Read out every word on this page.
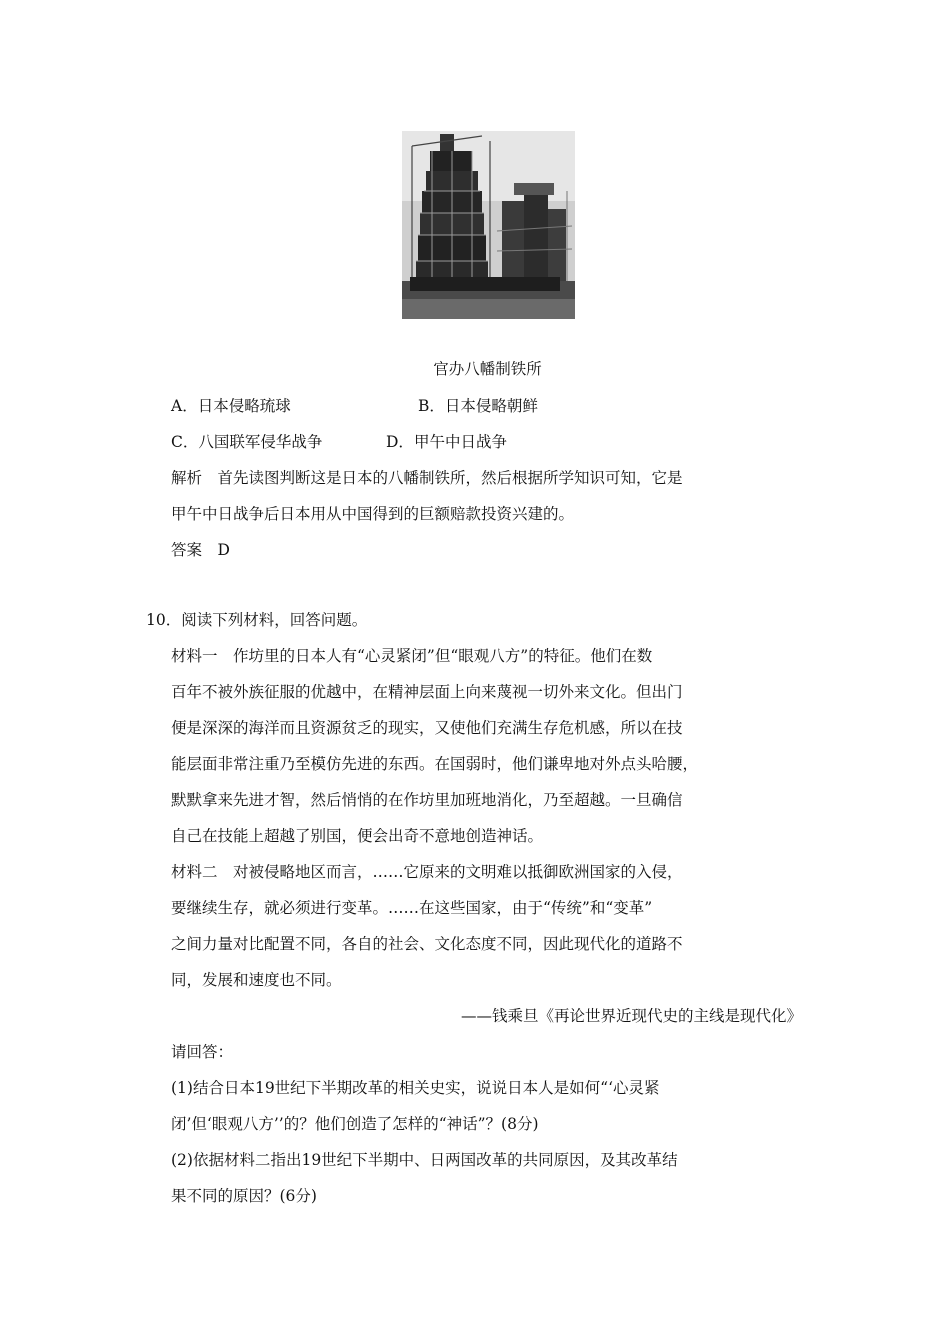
官办八幡制铁所
A．日本侵略琉球	B．日本侵略朝鲜
C．八国联军侵华战争	D．甲午中日战争
解析　首先读图判断这是日本的八幡制铁所，然后根据所学知识可知，它是
甲午中日战争后日本用从中国得到的巨额赔款投资兴建的。
答案　D
10．阅读下列材料，回答问题。
材料一　作坊里的日本人有“心灵紧闭”但“眼观八方”的特征。他们在数
百年不被外族征服的优越中，在精神层面上向来蔑视一切外来文化。但出门
便是深深的海洋而且资源贫乏的现实，又使他们充满生存危机感，所以在技
能层面非常注重乃至模仿先进的东西。在国弱时，他们谦卑地对外点头哈腰，
默默拿来先进才智，然后悄悄的在作坊里加班地消化，乃至超越。一旦确信
自己在技能上超越了别国，便会出奇不意地创造神话。
材料二　对被侵略地区而言，……它原来的文明难以抵御欧洲国家的入侵，
要继续生存，就必须进行变革。……在这些国家，由于“传统”和“变革”
之间力量对比配置不同，各自的社会、文化态度不同，因此现代化的道路不
同，发展和速度也不同。
——钱乘旦《再论世界近现代史的主线是现代化》
请回答：
(1)结合日本19世纪下半期改革的相关史实，说说日本人是如何“‘心灵紧
闭’但‘眼观八方’’的？他们创造了怎样的“神话”？(8分)
(2)依据材料二指出19世纪下半期中、日两国改革的共同原因，及其改革结
果不同的原因？(6分)
